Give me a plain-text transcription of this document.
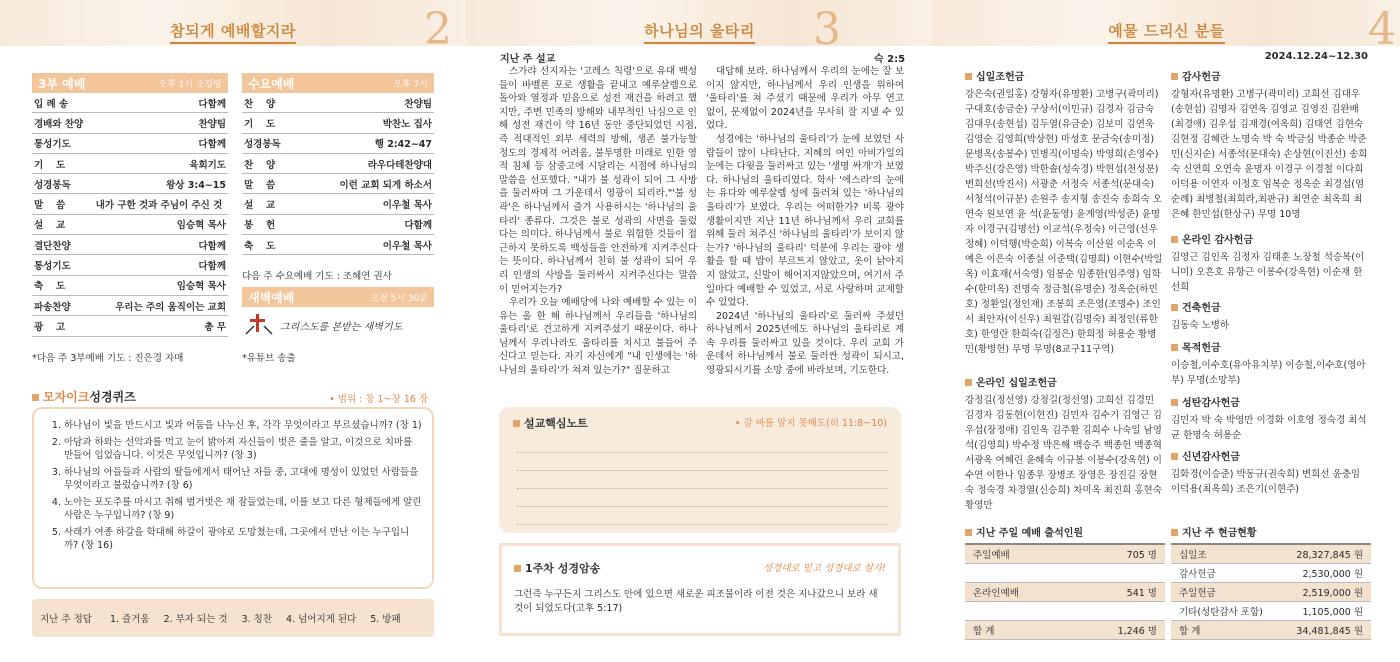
참되게 예배할지라	2
3부 예배	오후 1시 소강당
입 례 송	다함께
경배와 찬양	찬양팀
통성기도	다함께
기　 도	육회기도
성경봉독	왕상 3:4~15
말　 씀	내가 구한 것과 주님이 주신 것
설　 교	임승혁 목사
결단찬양	다함께
통성기도	다함께
축　 도	임승혁 목사
파송찬양	우리는 주의 움직이는 교회
광　 고	총 무
*다음 주 3부예배 기도 : 진은경 자매
수요예배	오후 7시
찬　 양	찬양팀
기　 도	박찬노 집사
성경봉독	행 2:42~47
찬　 양	라우다테찬양대
말　 씀	이런 교회 되게 하소서
설　 교	이우철 목사
봉　 헌	다함께
축　 도	이우철 목사
다음 주 수요예배 기도 : 조혜연 권사
새벽예배	오전 5시 30분
그리스도를 본받는 새벽기도
*유튜브 송출
모자이크성경퀴즈	• 범위 : 창 1~창 16 장
1. 하나님이 빛을 만드시고 빛과 어둠을 나누신 후, 각각 무엇이라고 부르셨습니까? (창 1)
2. 아담과 하와는 선악과를 먹고 눈이 밝아져 자신들이 벗은 줄을 알고, 이것으로 치마를 만들어 입었습니다. 이것은 무엇입니까? (창 3)
3. 하나님의 아들들과 사람의 딸들에게서 태어난 자들 중, 고대에 명성이 있었던 사람들을 무엇이라고 불렀습니까? (창 6)
4. 노아는 포도주를 마시고 취해 벌거벗은 채 잠들었는데, 이를 보고 다른 형제들에게 알린 사람은 누구입니까? (창 9)
5. 사래가 여종 하갈을 학대해 하갈이 광야로 도망쳤는데, 그곳에서 만난 이는 누구입니까? (창 16)
지난 주 정답 1. 즐거움 2. 부자 되는 것 3. 칭찬 4. 넘어지게 된다 5. 방패
하나님의 울타리	3
지난 주 설교	슥 2:5

스가랴 선지자는 '고레스 칙령'으로 유대 백성들이 바벨론 포로 생활을 끝내고 예루살렘으로 돌아와 열정과 믿음으로 성전 재건을 하려고 했지만, 주변 민족의 방해와 내부적인 낙심으로 인해 성전 재건이 약 16년 동안 중단되었던 시점, 즉 적대적인 외부 세력의 방해, 생존 불가능할 정도의 경제적 어려움, 불투명한 미래로 인한 영적 침체 등 삼중고에 시달리는 시점에 하나님의 말씀을 선포했다. "내가 불 성곽이 되어 그 사방을 둘러싸며 그 가운데서 영광이 되리라."'불 성곽'은 하나님께서 즐겨 사용하시는 '하나님의 울타리' 종류다. 그것은 불로 성곽의 사면을 둘렀다는 의미다. 하나님께서 불로 위험한 것들이 접근하지 못하도록 백성들을 안전하게 지켜주신다는 뜻이다. 하나님께서 친히 불 성곽이 되어 우리 인생의 사방을 둘러싸서 지켜주신다는 말씀이 믿어지는가?

우리가 오늘 예배당에 나와 예배할 수 있는 이유는 올 한 해 하나님께서 우리들을 '하나님의 울타리'로 견고하게 지켜주셨기 때문이다. 하나님께서 우리나라도 울타리를 치시고 불들어 주신다고 믿는다. 자기 자신에게 "내 인생에는 '하나님의 울타리'가 쳐져 있는가?" 질문하고

대답해 보라. 하나님께서 우리의 눈에는 잘 보이지 않지만, 하나님께서 우리 인생을 위하여 '울타리'를 쳐 주셨기 때문에 우리가 아무 연고 없이, 문제없이 2024년을 무사히 잘 지낼 수 있었다.

성경에는 '하나님의 울타리'가 눈에 보였던 사람들이 많이 나타난다. 지혜의 여인 아비가일의 눈에는 다윗을 둘러싸고 있는 '생명 싸개'가 보였다. 하나님의 울타리였다. 학사 '에스라'의 눈에는 유다와 예루살렘 성에 둘러쳐 있는 '하나님의 울타리'가 보였다. 우리는 어떠한가? 비록 광야 생활이지만 지난 11년 하나님께서 우리 교회를 위해 둘러 쳐주신 '하나님의 울타리'가 보이지 않는가? '하나님의 울타리' 덕분에 우리는 광야 생활을 할 때 밥이 부르트지 않았고, 옷이 낡아지지 않았고, 신발이 해어지지않았으며, 여기서 주일마다 예배할 수 있었고, 서로 사랑하며 교제할 수 있었다.

2024년 '하나님의 울타리'로 둘러싸 주셨던 하나님께서 2025년에도 하나님의 울타리로 계속 우리를 둘러싸고 있을 것이다. 우리 교회 가운데서 하나님께서 불로 둘러싼 성곽이 되시고, 영광되시기를 소망 중에 바라보며, 기도한다.

설교핵심노트	• 갈 바를 알지 못해도(히 11:8~10)
1주차 성경암송	성경대로 믿고 성경대로 살자!
그런즉 누구든지 그리스도 안에 있으면 새로운 피조물이라 이전 것은 지나갔으니 보라 새 것이 되었도다(고후 5:17)
예물 드리신 분들	4
2024.12.24~12.30
십일조헌금
강은숙(권일홍) 강형자(유명환) 고병구(곽미리) 구대호(송금순) 구상서(이민규) 김경자 김금숙 김대우(송현섭) 김두열(유금순) 김보미 김연욱 김영순 김영희(박상현) 마성호 문금숙(송미정) 문병옥(송봉수) 민병직(이명숙) 박영희(손영수) 박주신(강은영) 박한솔(성숙경) 박현섭(천성분) 변희선(박진서) 서광춘 서정숙 서종석(문대숙) 서청석(이규분) 손원주 송지형 송진숙 송희숙 오연숙 원보연 윤 석(윤동영) 윤계영(박성준) 윤명자 이경구(김명선) 이교석(우정숙) 이근영(선우정혜) 이덕행(박순희) 이복숙 이산원 이순옥 이예은 이은숙 이종실 이준택(김명희) 이현수(박일옥) 이효재(서숙영) 임봉순 임종한(임주영) 임학수(한미옥) 전명숙 정금철(유명순) 정옥순(하민호) 정환일(정인재) 조봉희 조은영(조명수) 조인서 최안자(이신우) 최원갑(김명숙) 최정인(류한호) 한영란 한희숙(김정은) 한희정 허용순 황병민(황병헌) 무명 무명(8교구11구역)
온라인 십일조헌금
강정길(정선영) 강정길(정선영) 고희선 김경민 김경자 김동현(이현진) 김민자 김수기 김영근 김우섭(장정애) 김인옥 김주환 김희수 나숙일 남영석(김영희) 박수정 박은해 백승주 백종헌 백종혁 서광옥 여혜린 윤혜숙 이규봉 이봉수(강옥현) 이수연 이한나 임종우 장병조 장영은 장진길 장현숙 정숙경 차경열(신승희) 차미옥 최진희 홍현숙 황영만
감사헌금
강형자(유명환) 고병구(곽미리) 고희선 김대우(송현섭) 김명자 김연옥 김영교 김영진 김완배(최경애) 김우섭 김재경(여옥희) 김태연 김현숙 김현정 김혜란 노명숙 박 숙 박금심 박종순 박준민(신지순) 서종석(문대숙) 손상현(이진선) 송희숙 신연희 오연숙 윤명자 이경구 이경철 이다희 이덕용 이연자 이정호 임복순 정옥순 최경섭(염순례) 최병철(최희라,최판규) 최연순 최옥희 최은혜 한민섭(한상구) 무명 10명
온라인 감사헌금
김영근 김인옥 김정자 김태훈 노장철 석승복(이니미) 오흔호 유항근 이봉수(강옥현) 이순재 한선희
건축헌금
김동숙 노병하
목적헌금
이승철,이수호(유아유치부) 이승철,이수호(영아부) 무명(소망부)
성탄감사헌금
김민자 박 숙 박영만 이경화 이호영 정숙경 최석균 한명숙 허용순
신년감사헌금
김화경(이승준) 박동규(권숙희) 변희선 윤충임 이덕용(최옥희) 조은기(이현주)
지난 주일 예배 출석인원
주일예배	705 명
온라인예배	541 명
합 계	1,246 명
지난 주 현금현황
십일조	28,327,845 원
감사헌금	2,530,000 원
주일헌금	2,519,000 원
기타(성탄감사 포함)	1,105,000 원
합 계	34,481,845 원
